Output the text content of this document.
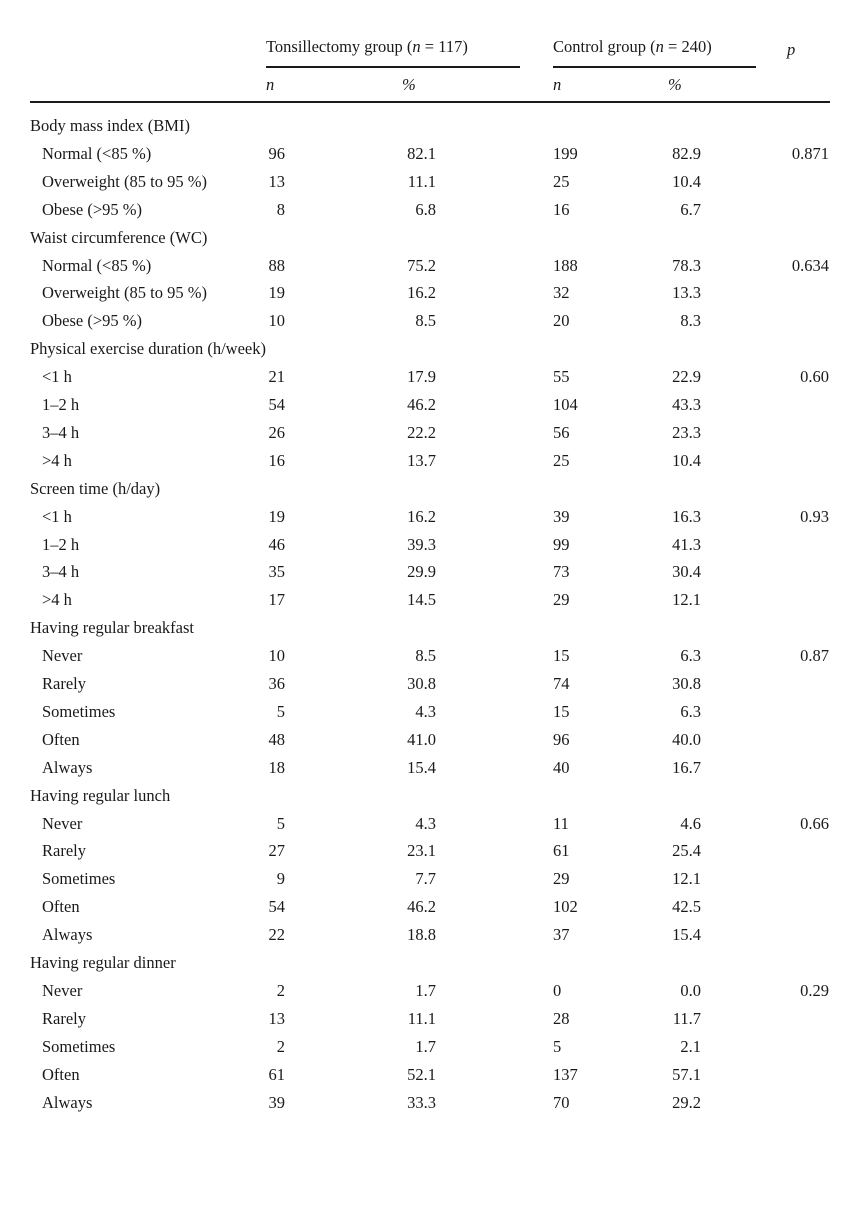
Tonsillectomy group (n = 117)	Control group (n = 240)	p
n	%	n	%
Body mass index (BMI)
Normal (<85 %)	96	82.1	199	82.9	0.871
Overweight (85 to 95 %)	13	11.1	25	10.4
Obese (>95 %)	8	6.8	16	6.7
Waist circumference (WC)
Normal (<85 %)	88	75.2	188	78.3	0.634
Overweight (85 to 95 %)	19	16.2	32	13.3
Obese (>95 %)	10	8.5	20	8.3
Physical exercise duration (h/week)
<1 h	21	17.9	55	22.9	0.60
1–2 h	54	46.2	104	43.3
3–4 h	26	22.2	56	23.3
>4 h	16	13.7	25	10.4
Screen time (h/day)
<1 h	19	16.2	39	16.3	0.93
1–2 h	46	39.3	99	41.3
3–4 h	35	29.9	73	30.4
>4 h	17	14.5	29	12.1
Having regular breakfast
Never	10	8.5	15	6.3	0.87
Rarely	36	30.8	74	30.8
Sometimes	5	4.3	15	6.3
Often	48	41.0	96	40.0
Always	18	15.4	40	16.7
Having regular lunch
Never	5	4.3	11	4.6	0.66
Rarely	27	23.1	61	25.4
Sometimes	9	7.7	29	12.1
Often	54	46.2	102	42.5
Always	22	18.8	37	15.4
Having regular dinner
Never	2	1.7	0	0.0	0.29
Rarely	13	11.1	28	11.7
Sometimes	2	1.7	5	2.1
Often	61	52.1	137	57.1
Always	39	33.3	70	29.2
